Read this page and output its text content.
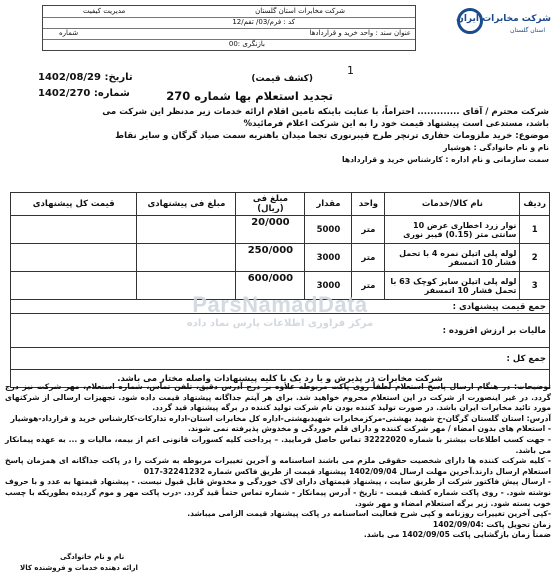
شرکت مخابرات استان گلستان
مدیریت کیفیت
کد : فرم/03/ تفم/12
عنوان سند : واحد خرید و قراردادها
شماره
بازنگری :00
شرکت مخابرات ایران
استان گلستان
تاریخ: 1402/08/29
شماره: 1402/270
1
(کشف قیمت)
تجدید استعلام بها شماره 270
شرکت محترم / آقای ............. احتراماً، با عنایت باینکه تامین اقلام ارائه خدمات زیر مدنظر این شرکت می
باشد، مستدعی است پیشنهاد قیمت خود را به این شرکت اعلام فرمائید%
موضوع: خرید ملزومات حفاری ترنچر طرح فیبرنوری تجما میدان باهنریه سمت صیاد گرگان و سایر نقاط
نام و نام خانوادگی : هوشیار
سمت سازمانی و نام اداره : کارشناس خرید و قراردادها
ردیف	نام کالا/خدمات	واحد	مقدار	مبلغ فی (ریال)	مبلغ فی پیشنهادی	قیمت کل پیشنهادی
1	نوار زرد اخطاری عرض 10 سانتی متر (0.15) فیبر نوری	متر	5000	20/000		
2	لوله پلی اتیلن نمره 4 با تحمل فشار 10 اتمسفر	متر	3000	250/000		
3	لوله پلی اتیلن سایز کوچک 63 با تحمل فشار 10 اتمسفر	متر	3000	600/000		
جمع قیمت پیشنهادی :						
مالیات بر ارزش افزوده :						
جمع کل :						
شرکت مخابرات در پذیرش و یا رد یک یا کلیه پیشنهادات واصله مختار می باشد.						
ParsNamadData
مرکز فراوری اطلاعات پارس نماد داده
توضیحات: در هنگام ارسال پاسخ استعلام لطفاً روی پاکت مربوطه علاوه بر درج آدرس دقیق، تلفن تماس، شماره استعلام، مهر شرکت نیز درج گردد. در غیر اینصورت از شرکت در این استعلام محروم خواهید شد. برای هر آیتم جداگانه پیشنهاد قیمت داده شود. تجهیزات ارسالی از شرکتهای مورد تائید مخابرات ایران باشد. در صورت تولید کننده بودن نام شرکت تولید کننده در برگه پیشنهاد قید گردد.
آدرس: استان گلستان گرگان-خ شهید بهشتی-مرکزمخابرات شهیدبهشتی-اداره کل مخابرات استان-اداره تدارکات-کارشناس خرید و قرارداد-هوشیار
- استعلام های بدون امضاء / مهر شرکت کننده و دارای قلم خوردگی و مخدوش پذیرفته نمی شوند.
- جهت کسب اطلاعات بیشتر با شماره 32222020 تماس حاصل فرمایید. – پرداخت کلیه کسورات قانونی اعم از بیمه، مالیات و ... به عهده پیمانکار می باشد.
- کلیه شرکت کننده ها دارای شخصیت حقوقی ملزم می باشند اساسنامه و آخرین تغییرات مربوطه به شرکت را در پاکت جداگانه ای همزمان پاسخ استعلام ارسال دارند.آخرین مهلت ارسال 1402/09/04 پیشنهاد قیمت از طریق فاکس شماره 32241232-017
- ارسال پیش فاکتور شرکت از طریق سایت ، پیشنهاد قیمتهای دارای لاک خوردگی و مخدوش قابل قبول نیست. - پیشنهاد قیمتها به عدد و با حروف نوشته شود. - روی پاکت شماره کشف قیمت - تاریخ - آدرس پیمانکار - شماره تماس حتماً قید گردد. -درب پاکت مهر و موم گردیده بطوریکه با چسب خوب بسته شود. زیر برگه استعلام امضاء و مهر شود.
-کپی آخرین تغییرات روزنامه و کپی شرح فعالیت اساسنامه در پاکت پیشنهاد قیمت الزامی میباشد.
زمان تحویل پاکت :1402/09/04
ضمناً زمان بازگشایی پاکت 1402/09/05 می باشد.
نام و نام خانوادگی
ارائه دهنده خدمات و فروشنده کالا
